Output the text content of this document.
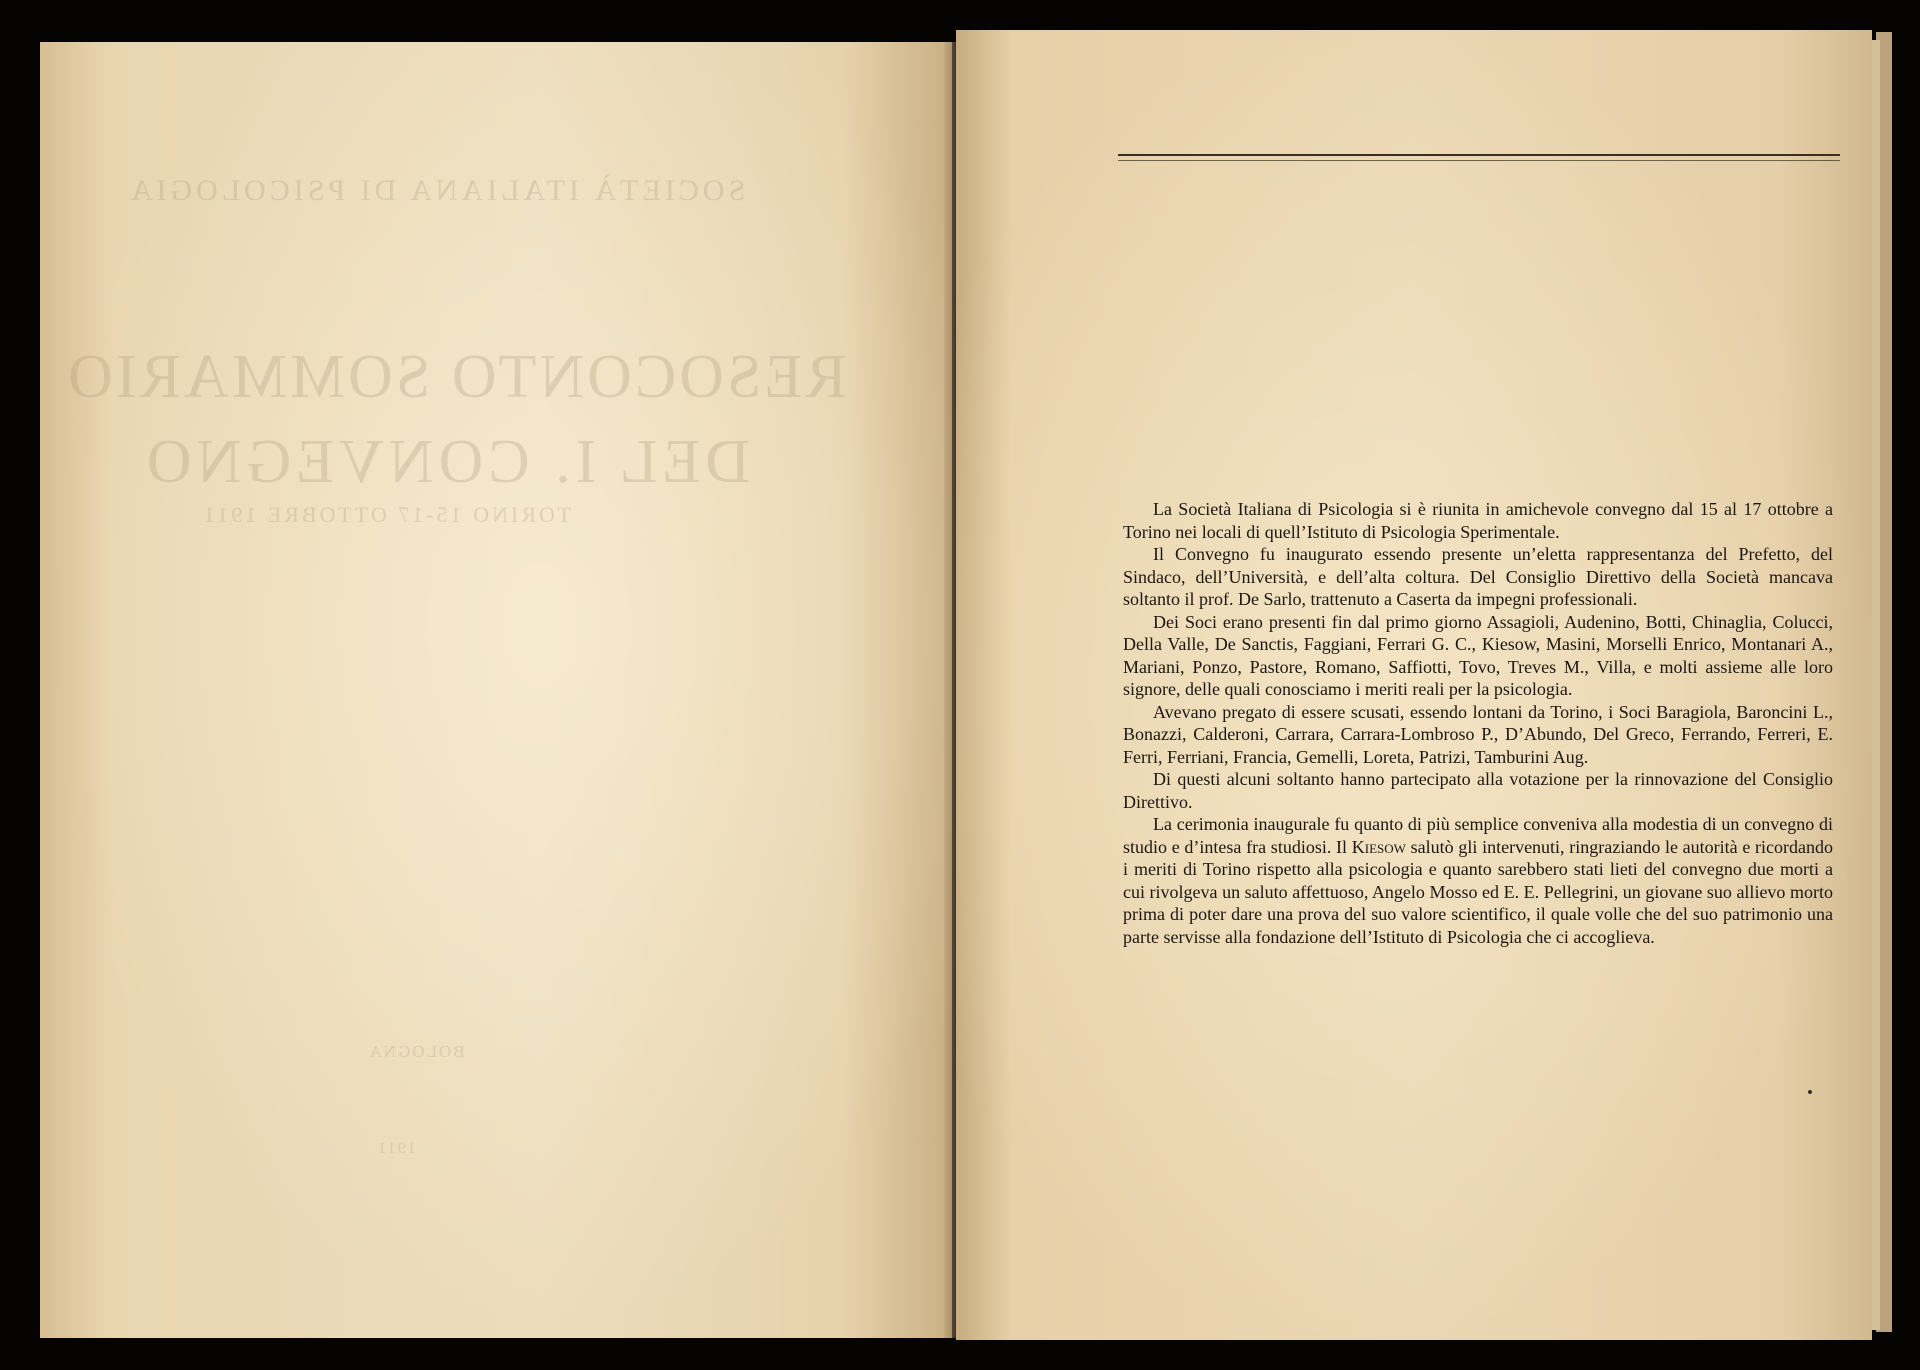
SOCIETÀ ITALIANA DI PSICOLOGIA
RESOCONTO SOMMARIO
DEL I. CONVEGNO
TORINO 15-17 OTTOBRE 1911
BOLOGNA
1911

La Società Italiana di Psicologia si è riunita in amichevole convegno dal 15 al 17 ottobre a Torino nei locali di quell’Istituto di Psicologia Sperimentale.

Il Convegno fu inaugurato essendo presente un’eletta rappresentanza del Prefetto, del Sindaco, dell’Università, e dell’alta coltura. Del Consiglio Direttivo della Società mancava soltanto il prof. De Sarlo, trattenuto a Caserta da impegni professionali.

Dei Soci erano presenti fin dal primo giorno Assagioli, Audenino, Botti, Chinaglia, Colucci, Della Valle, De Sanctis, Faggiani, Ferrari G. C., Kiesow, Masini, Morselli Enrico, Montanari A., Mariani, Ponzo, Pastore, Romano, Saffiotti, Tovo, Treves M., Villa, e molti assieme alle loro signore, delle quali conosciamo i meriti reali per la psicologia.

Avevano pregato di essere scusati, essendo lontani da Torino, i Soci Baragiola, Baroncini L., Bonazzi, Calderoni, Carrara, Carrara-Lombroso P., D’Abundo, Del Greco, Ferrando, Ferreri, E. Ferri, Ferriani, Francia, Gemelli, Loreta, Patrizi, Tamburini Aug.

Di questi alcuni soltanto hanno partecipato alla votazione per la rinnovazione del Consiglio Direttivo.

La cerimonia inaugurale fu quanto di più semplice conveniva alla modestia di un convegno di studio e d’intesa fra studiosi. Il Kiesow salutò gli intervenuti, ringraziando le autorità e ricordando i meriti di Torino rispetto alla psicologia e quanto sarebbero stati lieti del convegno due morti a cui rivolgeva un saluto affettuoso, Angelo Mosso ed E. E. Pellegrini, un giovane suo allievo morto prima di poter dare una prova del suo valore scientifico, il quale volle che del suo patrimonio una parte servisse alla fondazione dell’Istituto di Psicologia che ci accoglieva.
